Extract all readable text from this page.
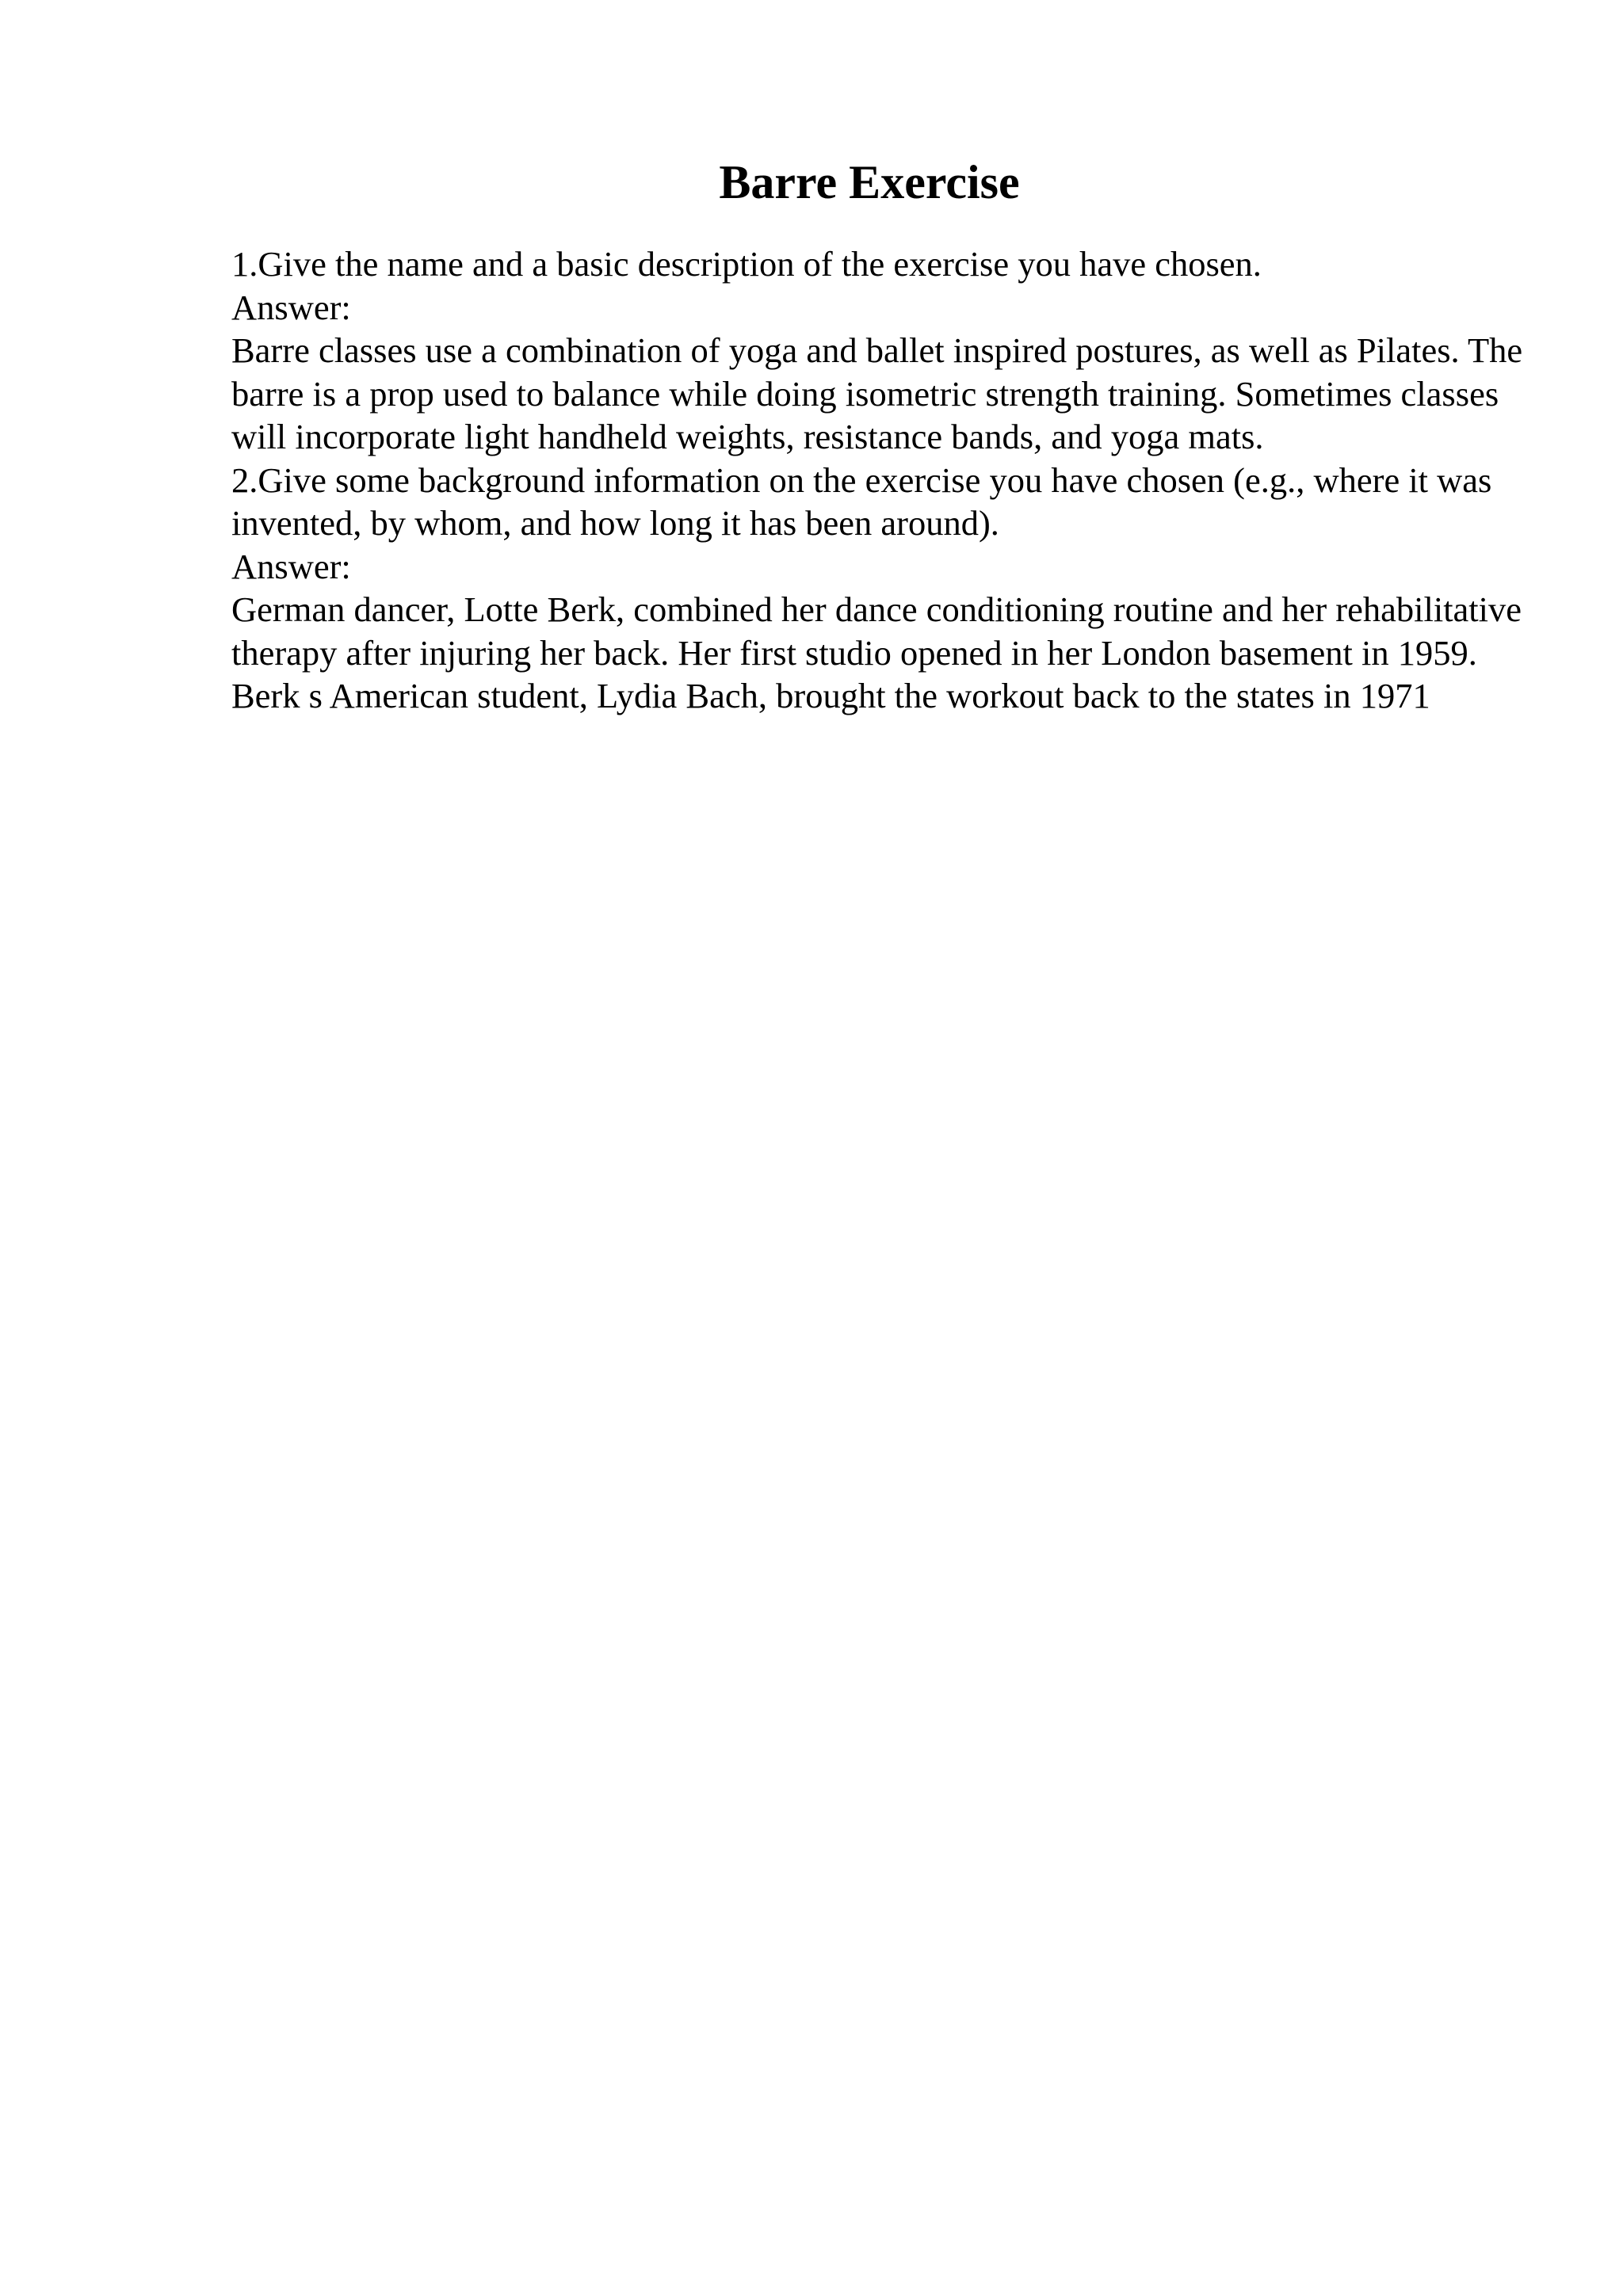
Barre Exercise

1.Give the name and a basic description of the exercise you have chosen.

Answer:

Barre classes use a combination of yoga and ballet inspired postures, as well as Pilates. The barre is a prop used to balance while doing isometric strength training. Sometimes classes will incorporate light handheld weights, resistance bands, and yoga mats.

2.Give some background information on the exercise you have chosen (e.g., where it was invented, by whom, and how long it has been around).

Answer:

German dancer, Lotte Berk, combined her dance conditioning routine and her rehabilitative therapy after injuring her back. Her first studio opened in her London basement in 1959. Berk s American student, Lydia Bach, brought the workout back to the states in 1971
